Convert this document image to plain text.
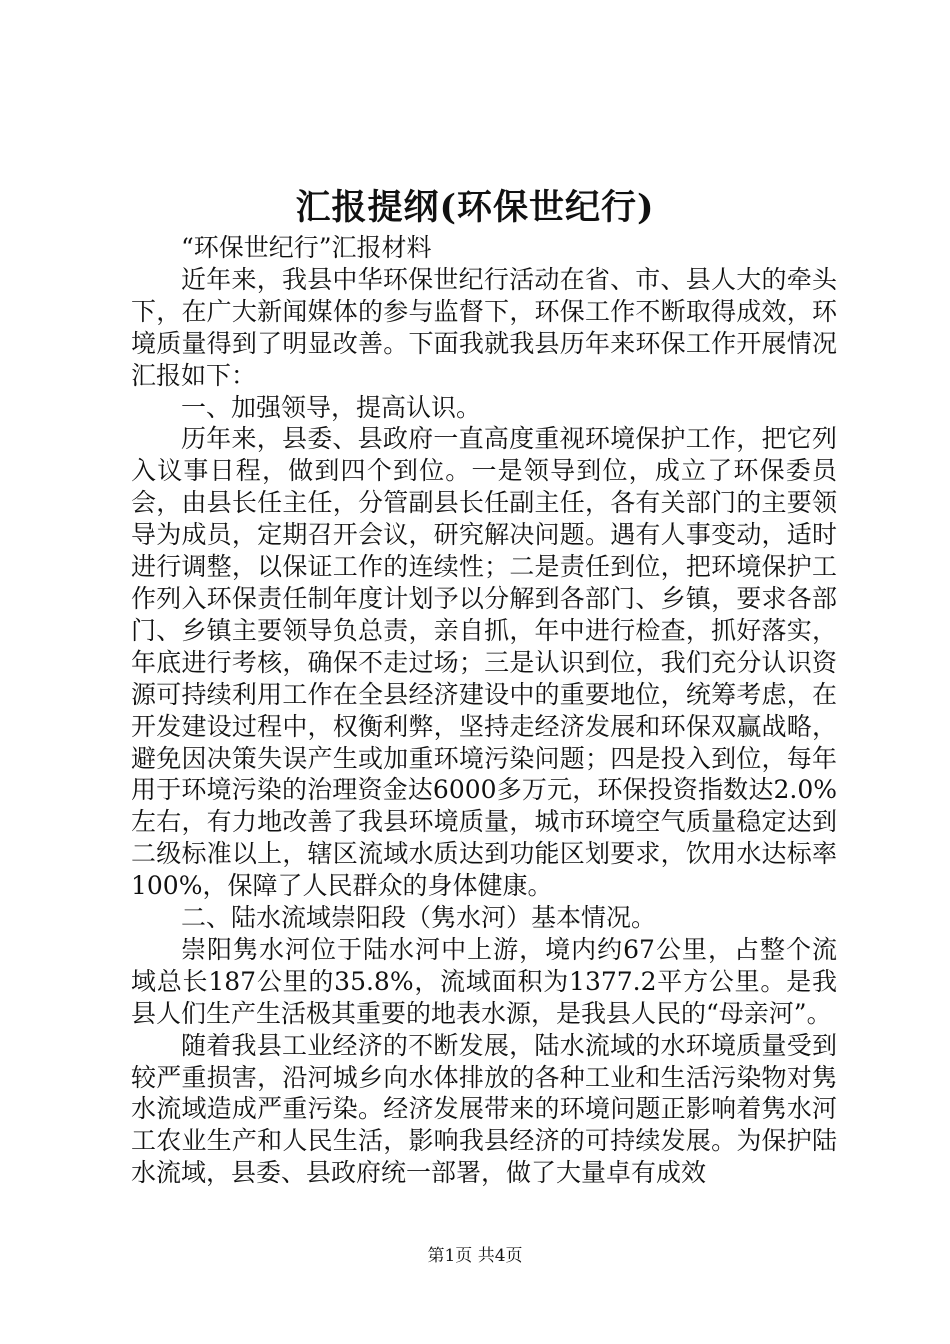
汇报提纲(环保世纪行)

“环保世纪行”汇报材料

近年来，我县中华环保世纪行活动在省、市、县人大的牵头下，在广大新闻媒体的参与监督下，环保工作不断取得成效，环境质量得到了明显改善。下面我就我县历年来环保工作开展情况汇报如下：

一、加强领导，提高认识。

历年来，县委、县政府一直高度重视环境保护工作，把它列入议事日程，做到四个到位。一是领导到位，成立了环保委员会，由县长任主任，分管副县长任副主任，各有关部门的主要领导为成员，定期召开会议，研究解决问题。遇有人事变动，适时进行调整，以保证工作的连续性；二是责任到位，把环境保护工作列入环保责任制年度计划予以分解到各部门、乡镇，要求各部门、乡镇主要领导负总责，亲自抓，年中进行检查，抓好落实，年底进行考核，确保不走过场；三是认识到位，我们充分认识资源可持续利用工作在全县经济建设中的重要地位，统筹考虑，在开发建设过程中，权衡利弊，坚持走经济发展和环保双赢战略，避免因决策失误产生或加重环境污染问题；四是投入到位，每年用于环境污染的治理资金达6000多万元，环保投资指数达2.0%左右，有力地改善了我县环境质量，城市环境空气质量稳定达到二级标准以上，辖区流域水质达到功能区划要求，饮用水达标率100%，保障了人民群众的身体健康。

二、陆水流域崇阳段（隽水河）基本情况。

崇阳隽水河位于陆水河中上游，境内约67公里，占整个流域总长187公里的35.8%，流域面积为1377.2平方公里。是我县人们生产生活极其重要的地表水源，是我县人民的“母亲河”。

随着我县工业经济的不断发展，陆水流域的水环境质量受到较严重损害，沿河城乡向水体排放的各种工业和生活污染物对隽水流域造成严重污染。经济发展带来的环境问题正影响着隽水河工农业生产和人民生活，影响我县经济的可持续发展。为保护陆水流域，县委、县政府统一部署，做了大量卓有成效

第1页 共4页
